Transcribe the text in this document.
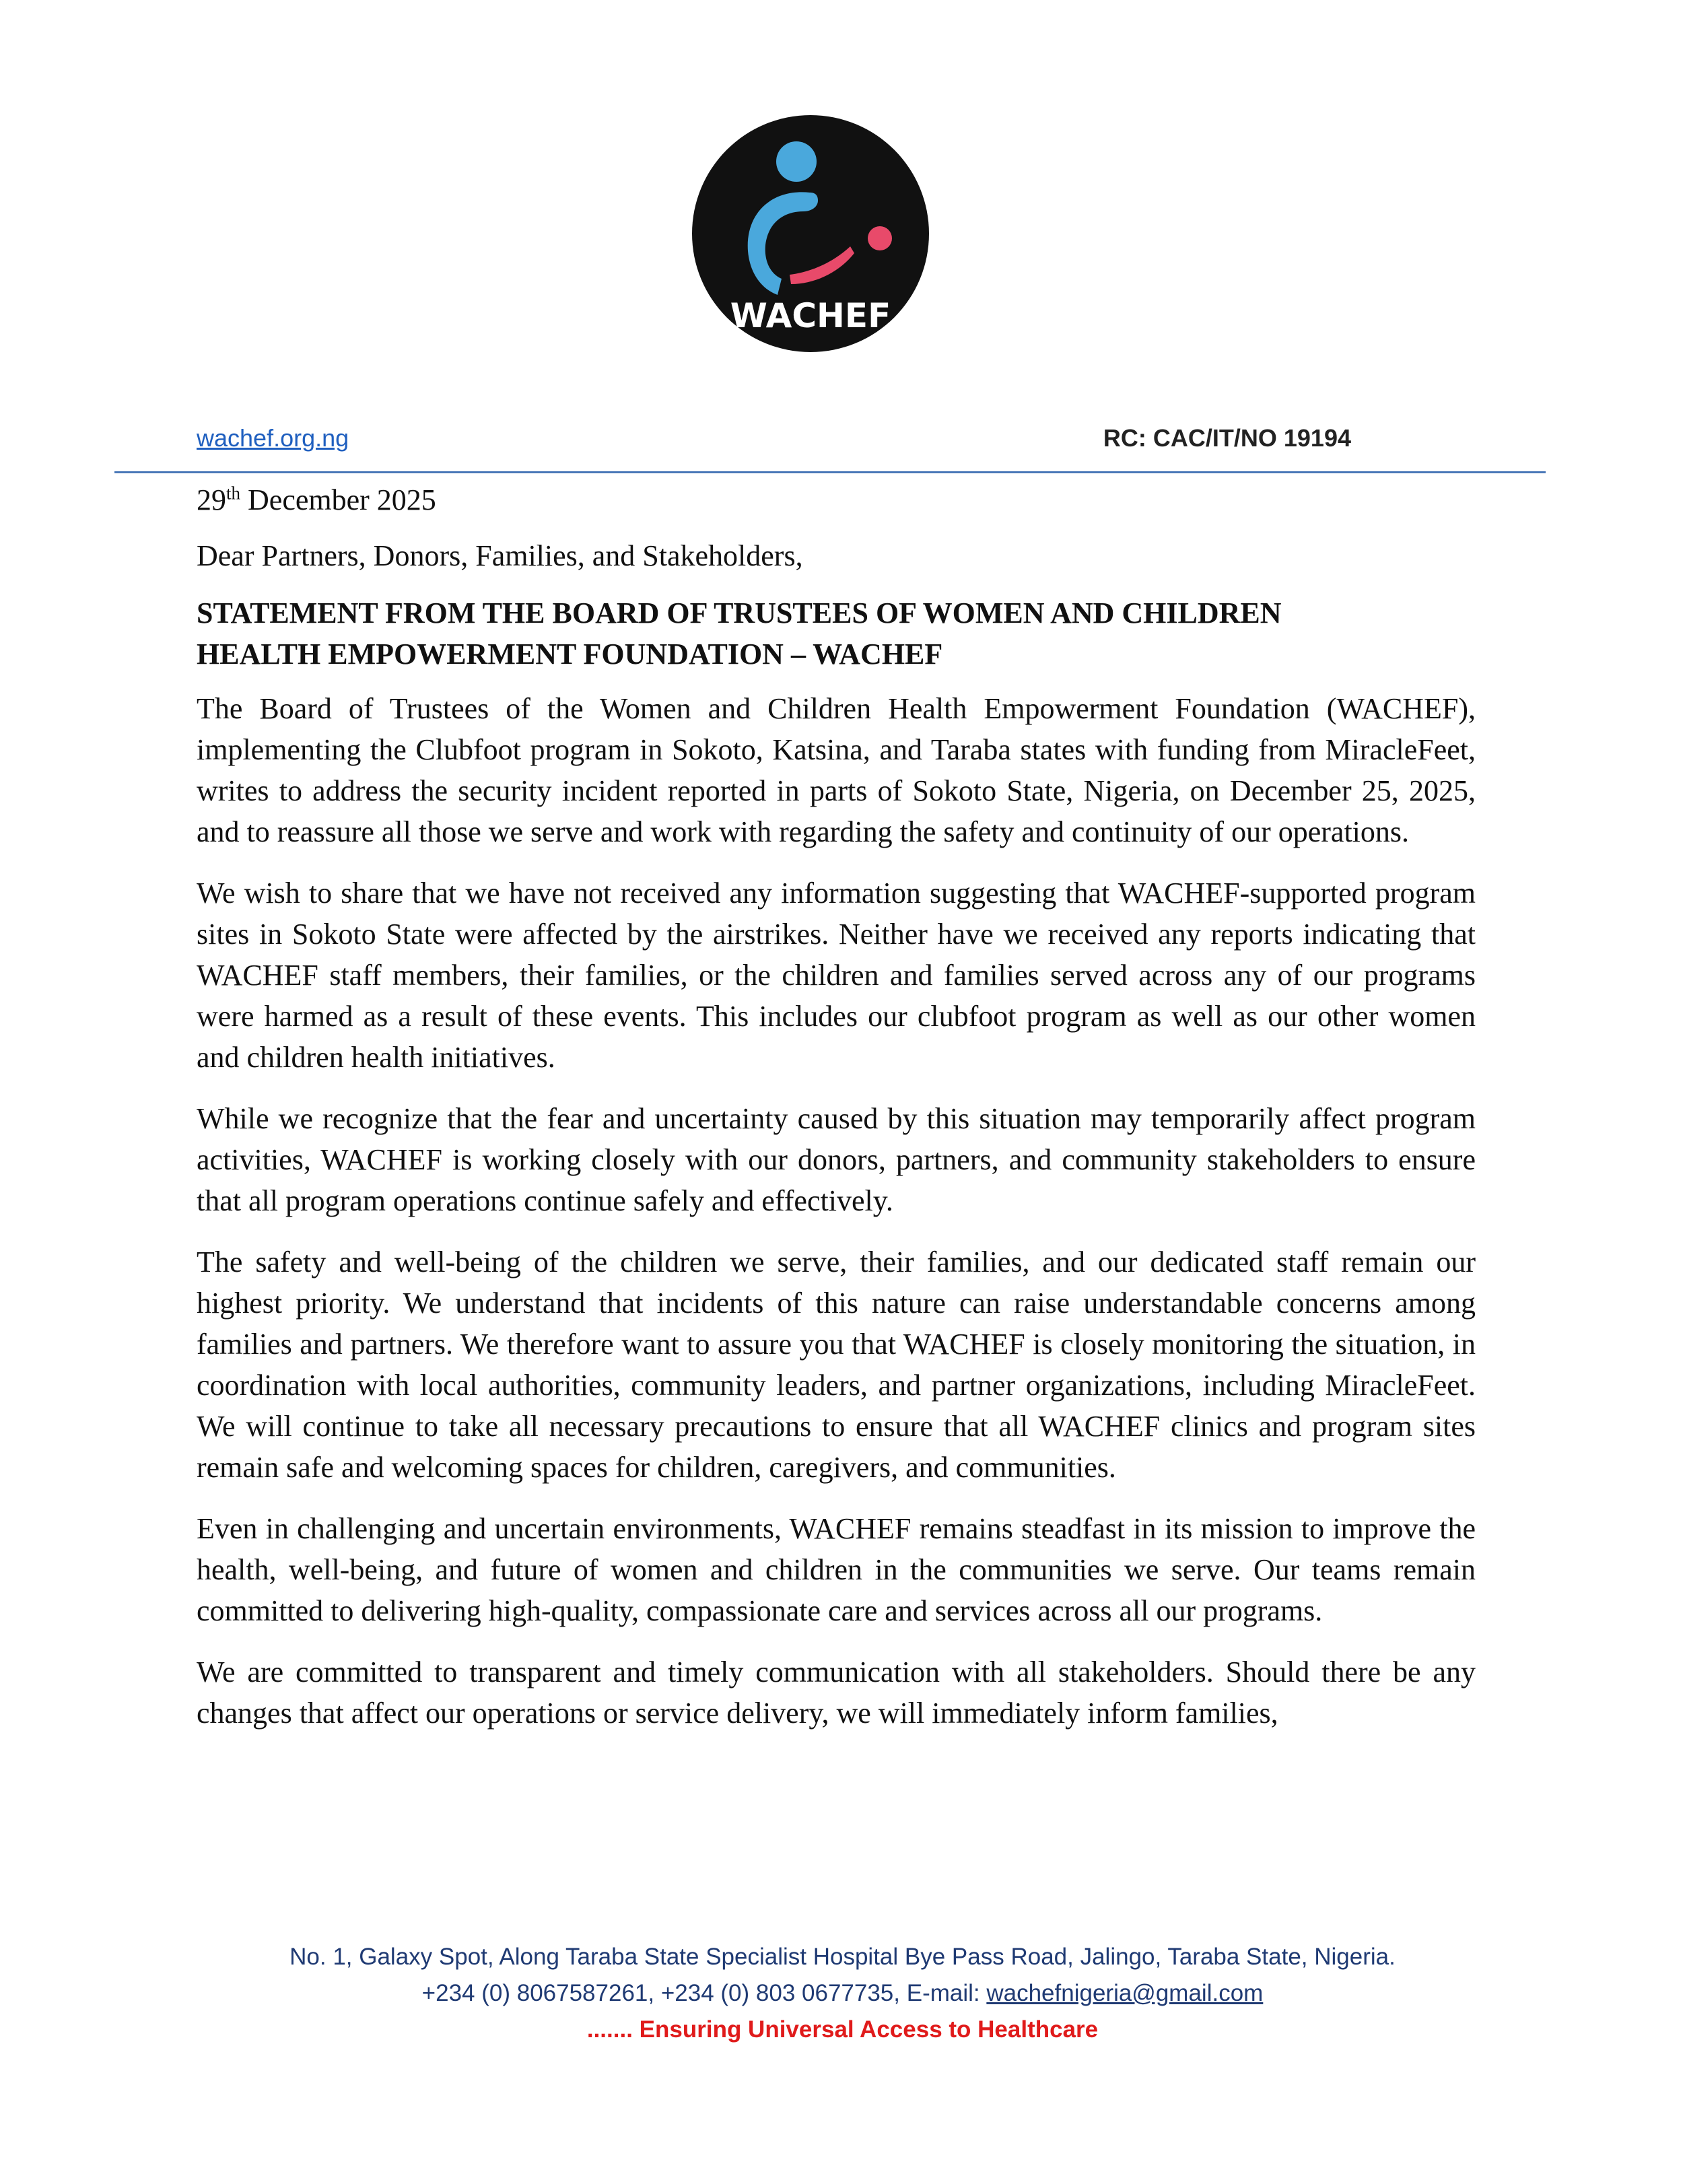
WACHEF
wachef.org.ng	RC: CAC/IT/NO 19194
29th December 2025
Dear Partners, Donors, Families, and Stakeholders,
STATEMENT FROM THE BOARD OF TRUSTEES OF WOMEN AND CHILDREN
HEALTH EMPOWERMENT FOUNDATION – WACHEF

The Board of Trustees of the Women and Children Health Empowerment Foundation (WACHEF), implementing the Clubfoot program in Sokoto, Katsina, and Taraba states with funding from MiracleFeet, writes to address the security incident reported in parts of Sokoto State, Nigeria, on December 25, 2025, and to reassure all those we serve and work with regarding the safety and continuity of our operations.

We wish to share that we have not received any information suggesting that WACHEF-supported program sites in Sokoto State were affected by the airstrikes. Neither have we received any reports indicating that WACHEF staff members, their families, or the children and families served across any of our programs were harmed as a result of these events. This includes our clubfoot program as well as our other women and children health initiatives.

While we recognize that the fear and uncertainty caused by this situation may temporarily affect program activities, WACHEF is working closely with our donors, partners, and community stakeholders to ensure that all program operations continue safely and effectively.

The safety and well-being of the children we serve, their families, and our dedicated staff remain our highest priority. We understand that incidents of this nature can raise understandable concerns among families and partners. We therefore want to assure you that WACHEF is closely monitoring the situation, in coordination with local authorities, community leaders, and partner organizations, including MiracleFeet. We will continue to take all necessary precautions to ensure that all WACHEF clinics and program sites remain safe and welcoming spaces for children, caregivers, and communities.

Even in challenging and uncertain environments, WACHEF remains steadfast in its mission to improve the health, well-being, and future of women and children in the communities we serve. Our teams remain committed to delivering high-quality, compassionate care and services across all our programs.

We are committed to transparent and timely communication with all stakeholders. Should there be any changes that affect our operations or service delivery, we will immediately inform families,

No. 1, Galaxy Spot, Along Taraba State Specialist Hospital Bye Pass Road, Jalingo, Taraba State, Nigeria.
+234 (0) 8067587261, +234 (0) 803 0677735, E-mail: wachefnigeria@gmail.com
....... Ensuring Universal Access to Healthcare
